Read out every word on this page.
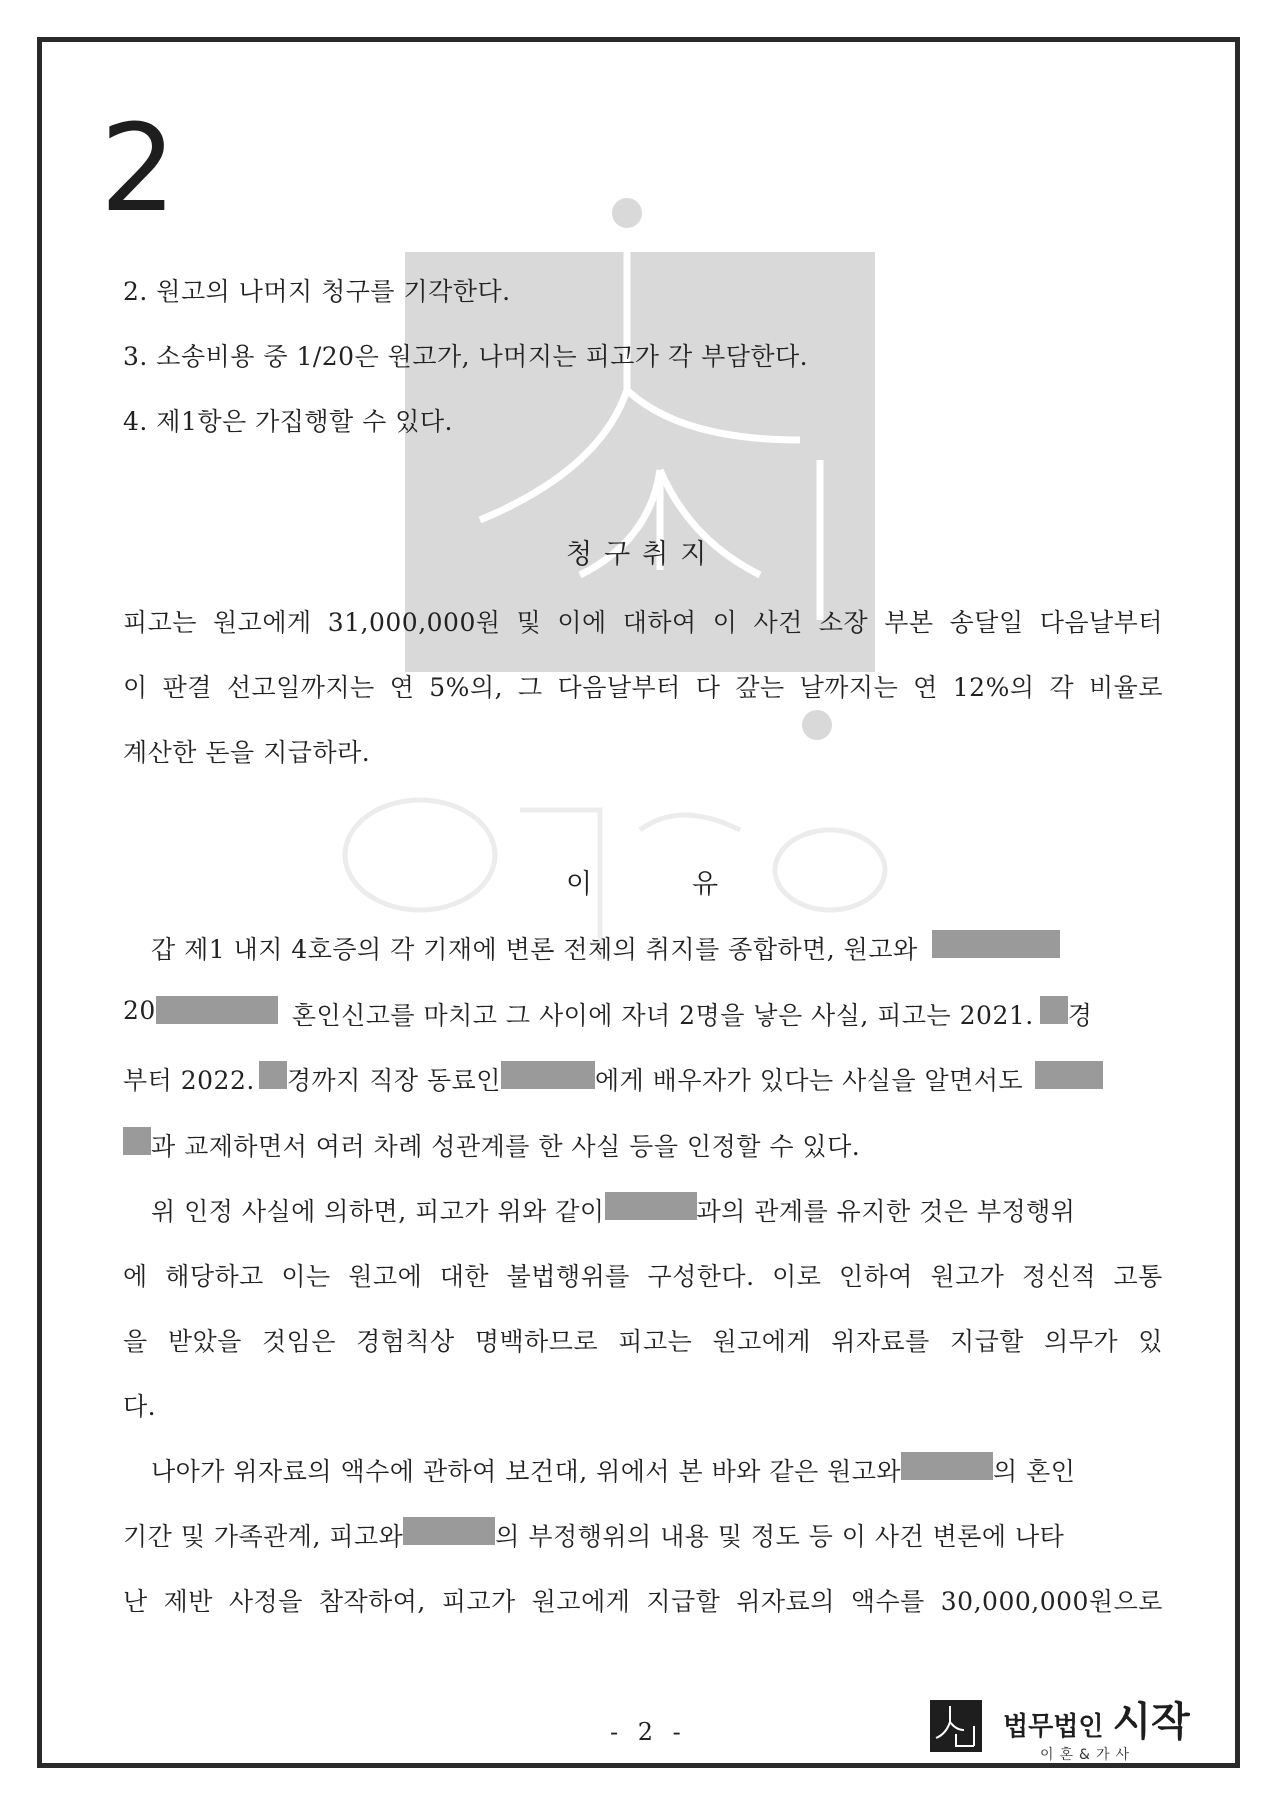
2
2. 원고의 나머지 청구를 기각한다.
3. 소송비용 중 1/20은 원고가, 나머지는 피고가 각 부담한다.
4. 제1항은 가집행할 수 있다.
청구취지
피고는 원고에게 31,000,000원 및 이에 대하여 이 사건 소장 부본 송달일 다음날부터
이 판결 선고일까지는 연 5%의, 그 다음날부터 다 갚는 날까지는 연 12%의 각 비율로
계산한 돈을 지급하라.
이	유
갑 제1 내지 4호증의 각 기재에 변론 전체의 취지를 종합하면, 원고와
20	혼인신고를 마치고 그 사이에 자녀 2명을 낳은 사실, 피고는 2021. 경
부터 2022. 경까지 직장 동료인	에게 배우자가 있다는 사실을 알면서도
과 교제하면서 여러 차례 성관계를 한 사실 등을 인정할 수 있다.
위 인정 사실에 의하면, 피고가 위와 같이	과의 관계를 유지한 것은 부정행위
에 해당하고 이는 원고에 대한 불법행위를 구성한다. 이로 인하여 원고가 정신적 고통
을 받았을 것임은 경험칙상 명백하므로 피고는 원고에게 위자료를 지급할 의무가 있
다.
나아가 위자료의 액수에 관하여 보건대, 위에서 본 바와 같은 원고와	의 혼인
기간 및 가족관계, 피고와	의 부정행위의 내용 및 정도 등 이 사건 변론에 나타
난 제반 사정을 참작하여, 피고가 원고에게 지급할 위자료의 액수를 30,000,000원으로
- 2 -	법무법인 시작
이혼&가사
